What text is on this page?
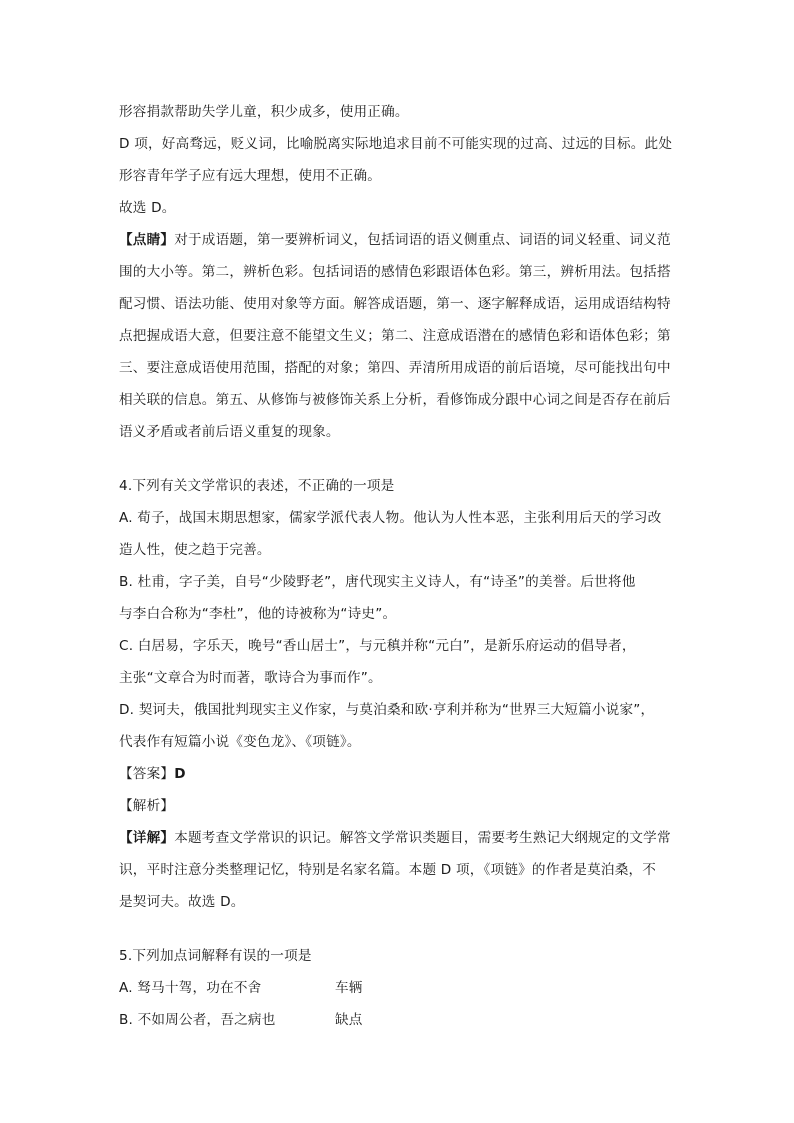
形容捐款帮助失学儿童，积少成多，使用正确。
D 项，好高骛远，贬义词，比喻脱离实际地追求目前不可能实现的过高、过远的目标。此处
形容青年学子应有远大理想，使用不正确。
故选 D。
【点睛】对于成语题，第一要辨析词义，包括词语的语义侧重点、词语的词义轻重、词义范
围的大小等。第二，辨析色彩。包括词语的感情色彩跟语体色彩。第三，辨析用法。包括搭
配习惯、语法功能、使用对象等方面。解答成语题，第一、逐字解释成语，运用成语结构特
点把握成语大意，但要注意不能望文生义；第二、注意成语潜在的感情色彩和语体色彩；第
三、要注意成语使用范围，搭配的对象；第四、弄清所用成语的前后语境，尽可能找出句中
相关联的信息。第五、从修饰与被修饰关系上分析，看修饰成分跟中心词之间是否存在前后
语义矛盾或者前后语义重复的现象。
4.下列有关文学常识的表述，不正确的一项是
A. 荀子，战国末期思想家，儒家学派代表人物。他认为人性本恶，主张利用后天的学习改
造人性，使之趋于完善。
B. 杜甫，字子美，自号“少陵野老”，唐代现实主义诗人，有“诗圣”的美誉。后世将他
与李白合称为“李杜”，他的诗被称为“诗史”。
C. 白居易，字乐天，晚号“香山居士”，与元稹并称“元白”，是新乐府运动的倡导者，
主张“文章合为时而著，歌诗合为事而作”。
D. 契诃夫，俄国批判现实主义作家，与莫泊桑和欧·亨利并称为“世界三大短篇小说家”，
代表作有短篇小说《变色龙》、《项链》。
【答案】D
【解析】
【详解】本题考查文学常识的识记。解答文学常识类题目，需要考生熟记大纲规定的文学常
识，平时注意分类整理记忆，特别是名家名篇。本题 D 项，《项链》的作者是莫泊桑，不
是契诃夫。故选 D。
5.下列加点词解释有误的一项是
A. 驽马十驾，功在不舍	车辆
B. 不如周公者，吾之病也	缺点
